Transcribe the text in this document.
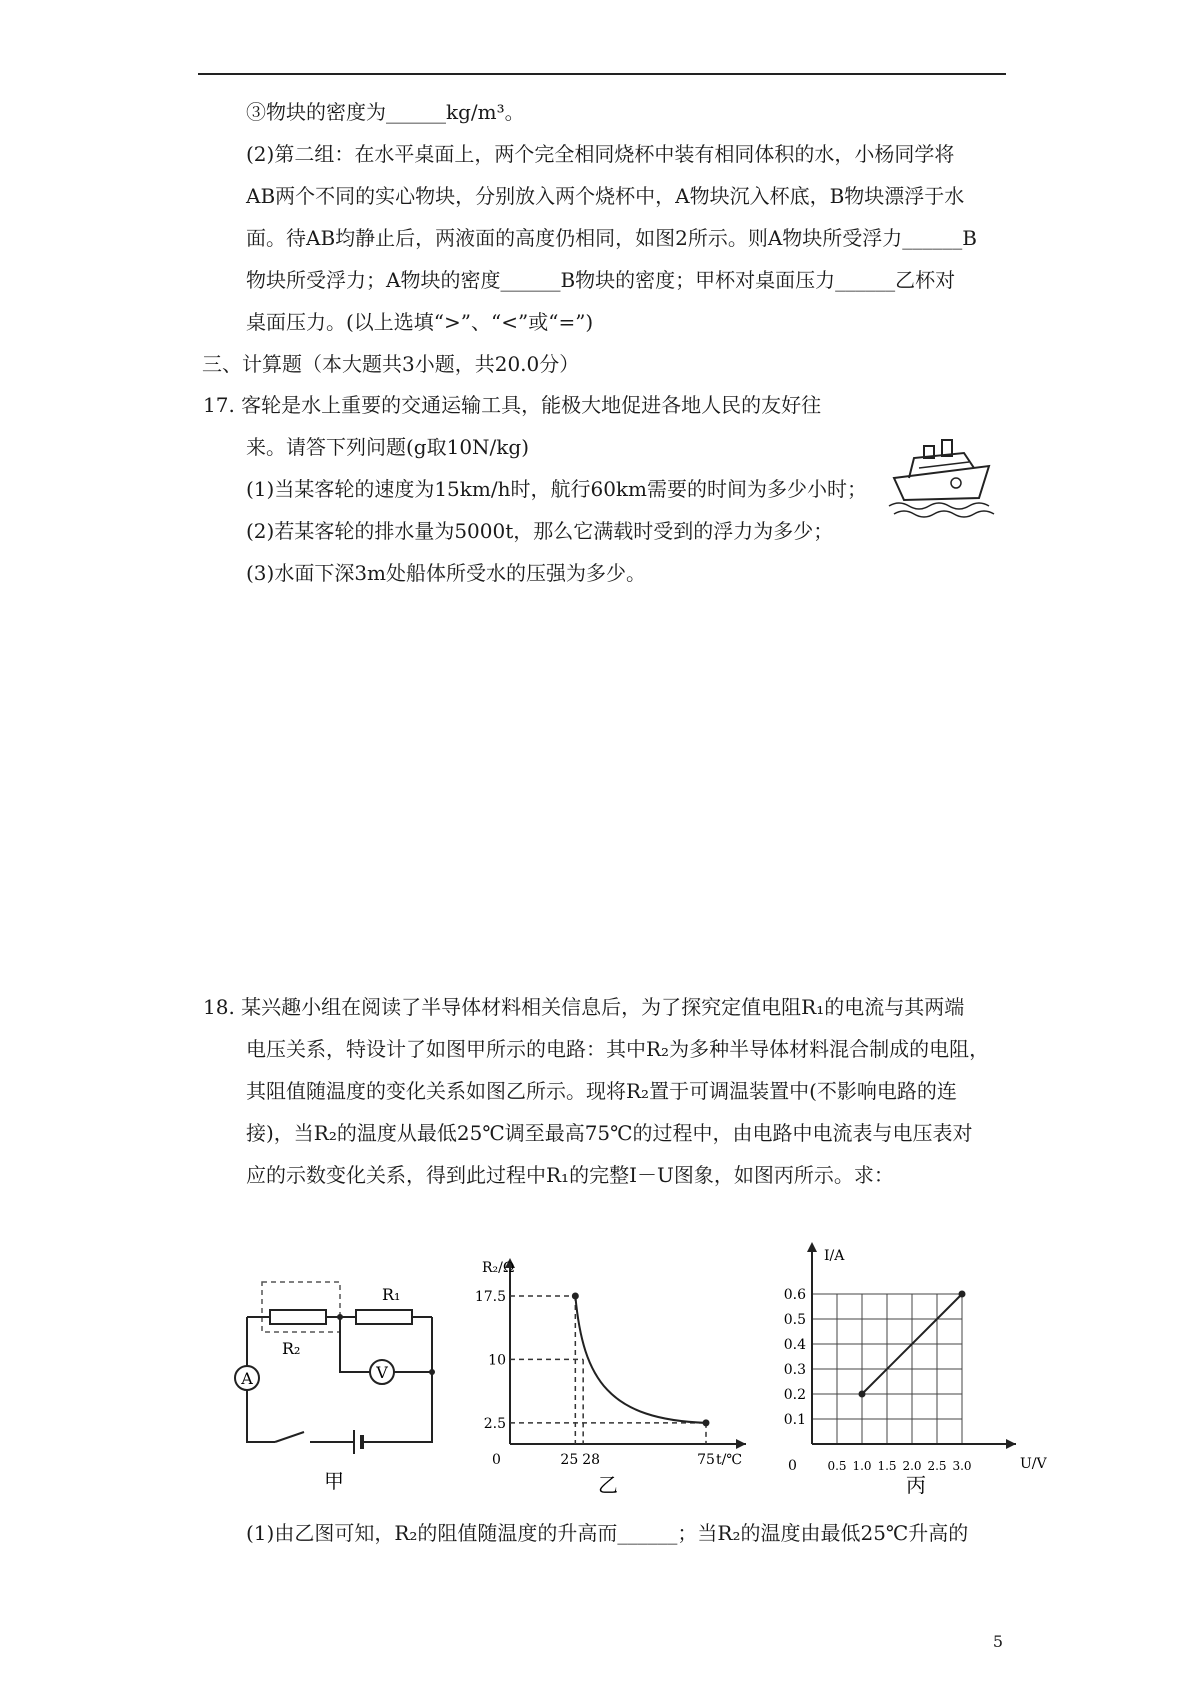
③物块的密度为______kg/m³。
(2)第二组：在水平桌面上，两个完全相同烧杯中装有相同体积的水，小杨同学将
AB两个不同的实心物块，分别放入两个烧杯中，A物块沉入杯底，B物块漂浮于水
面。待AB均静止后，两液面的高度仍相同，如图2所示。则A物块所受浮力______B
物块所受浮力；A物块的密度______B物块的密度；甲杯对桌面压力______乙杯对
桌面压力。(以上选填“>”、“<”或“=”)
三、计算题（本大题共3小题，共20.0分）
17. 客轮是水上重要的交通运输工具，能极大地促进各地人民的友好往
来。请答下列问题(g取10N/kg)
(1)当某客轮的速度为15km/h时，航行60km需要的时间为多少小时；
(2)若某客轮的排水量为5000t，那么它满载时受到的浮力为多少；
(3)水面下深3m处船体所受水的压强为多少。
18. 某兴趣小组在阅读了半导体材料相关信息后，为了探究定值电阻R₁的电流与其两端
电压关系，特设计了如图甲所示的电路：其中R₂为多种半导体材料混合制成的电阻，
其阻值随温度的变化关系如图乙所示。现将R₂置于可调温装置中(不影响电路的连
接)，当R₂的温度从最低25℃调至最高75℃的过程中，由电路中电流表与电压表对
应的示数变化关系，得到此过程中R₁的完整I－U图象，如图丙所示。求：
V
A
R₁
R₂
甲
R₂/Ω
t/℃
0
17.5
10
2.5
25 28	75
乙
I/A
U/V
0
0.6
0.5
0.4
0.3
0.2
0.1
0.5 1.0 1.5 2.0 2.5 3.0
丙
(1)由乙图可知，R₂的阻值随温度的升高而______；当R₂的温度由最低25℃升高的
5
